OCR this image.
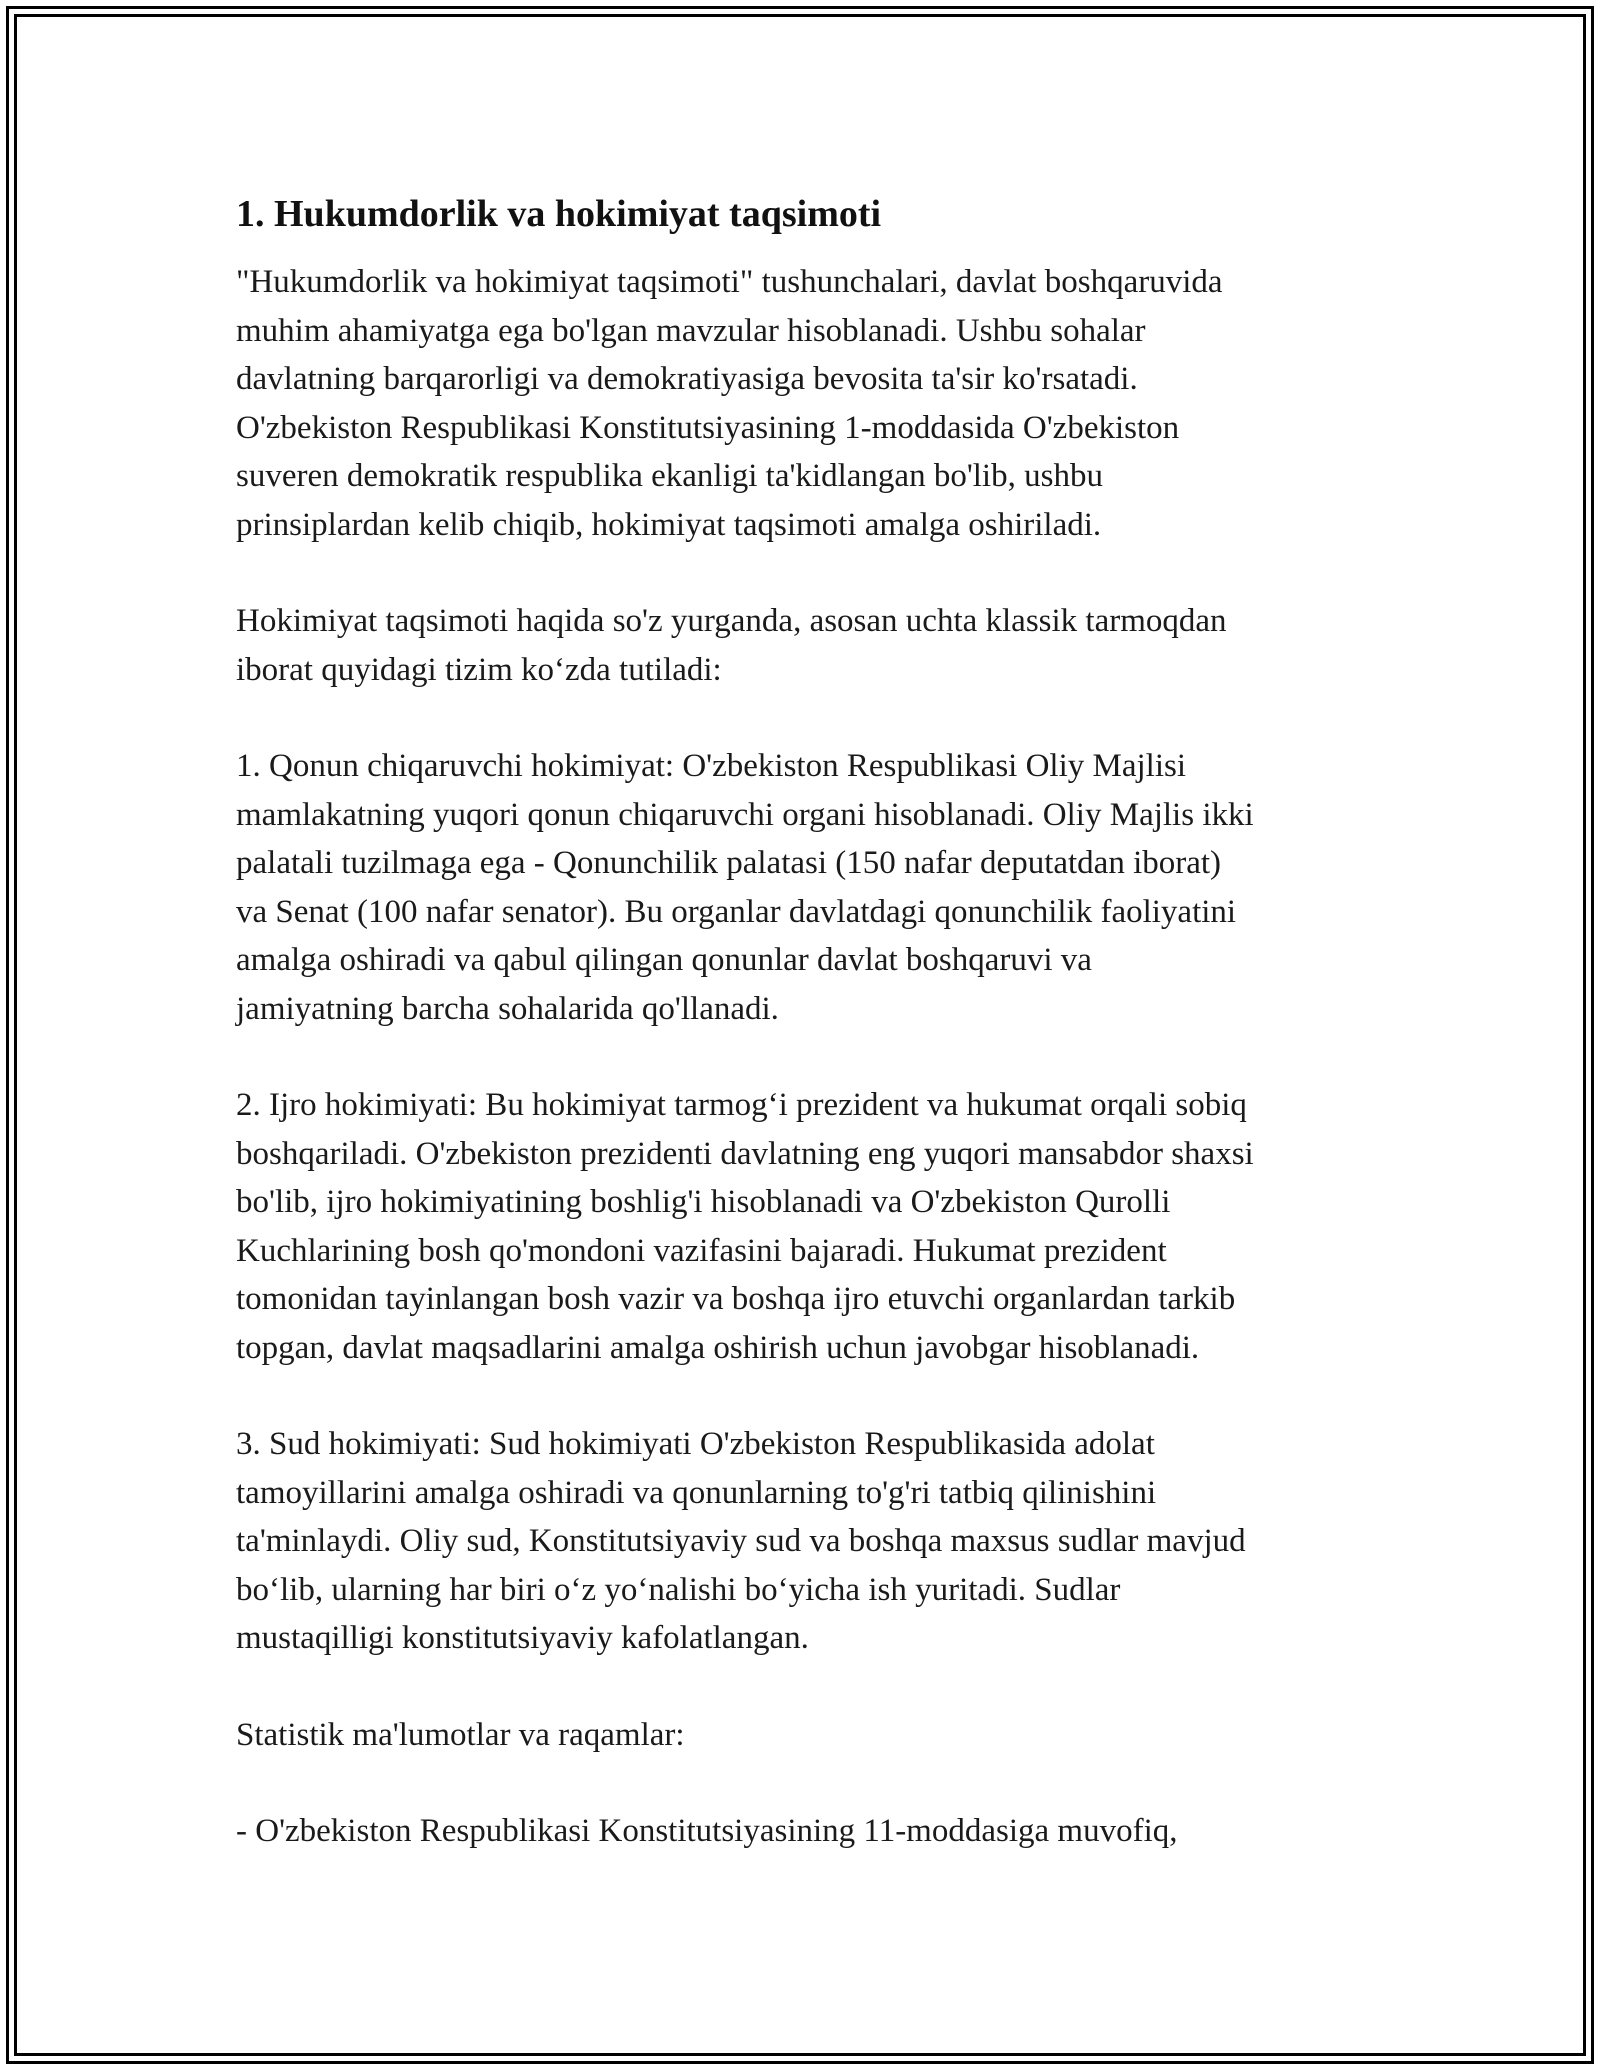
1. Hukumdorlik va hokimiyat taqsimoti

"Hukumdorlik va hokimiyat taqsimoti" tushunchalari, davlat boshqaruvida
muhim ahamiyatga ega bo'lgan mavzular hisoblanadi. Ushbu sohalar
davlatning barqarorligi va demokratiyasiga bevosita ta'sir ko'rsatadi.
O'zbekiston Respublikasi Konstitutsiyasining 1-moddasida O'zbekiston
suveren demokratik respublika ekanligi ta'kidlangan bo'lib, ushbu
prinsiplardan kelib chiqib, hokimiyat taqsimoti amalga oshiriladi.

Hokimiyat taqsimoti haqida so'z yurganda, asosan uchta klassik tarmoqdan
iborat quyidagi tizim ko‘zda tutiladi:

1. Qonun chiqaruvchi hokimiyat: O'zbekiston Respublikasi Oliy Majlisi
mamlakatning yuqori qonun chiqaruvchi organi hisoblanadi. Oliy Majlis ikki
palatali tuzilmaga ega - Qonunchilik palatasi (150 nafar deputatdan iborat)
va Senat (100 nafar senator). Bu organlar davlatdagi qonunchilik faoliyatini
amalga oshiradi va qabul qilingan qonunlar davlat boshqaruvi va
jamiyatning barcha sohalarida qo'llanadi.

2. Ijro hokimiyati: Bu hokimiyat tarmog‘i prezident va hukumat orqali sobiq
boshqariladi. O'zbekiston prezidenti davlatning eng yuqori mansabdor shaxsi
bo'lib, ijro hokimiyatining boshlig'i hisoblanadi va O'zbekiston Qurolli
Kuchlarining bosh qo'mondoni vazifasini bajaradi. Hukumat prezident
tomonidan tayinlangan bosh vazir va boshqa ijro etuvchi organlardan tarkib
topgan, davlat maqsadlarini amalga oshirish uchun javobgar hisoblanadi.

3. Sud hokimiyati: Sud hokimiyati O'zbekiston Respublikasida adolat
tamoyillarini amalga oshiradi va qonunlarning to'g'ri tatbiq qilinishini
ta'minlaydi. Oliy sud, Konstitutsiyaviy sud va boshqa maxsus sudlar mavjud
bo‘lib, ularning har biri o‘z yo‘nalishi bo‘yicha ish yuritadi. Sudlar
mustaqilligi konstitutsiyaviy kafolatlangan.

Statistik ma'lumotlar va raqamlar:

- O'zbekiston Respublikasi Konstitutsiyasining 11-moddasiga muvofiq,
